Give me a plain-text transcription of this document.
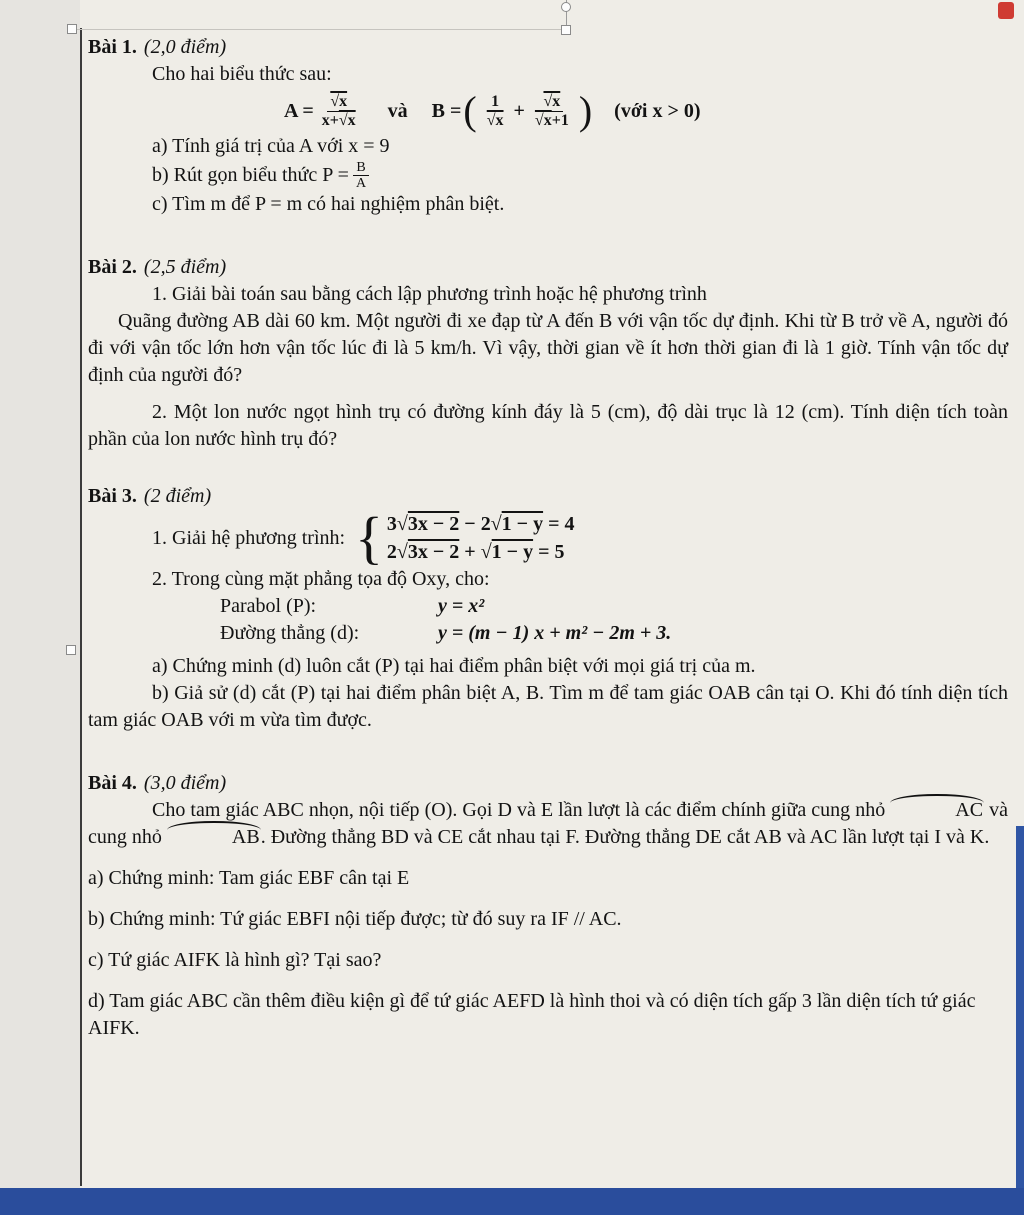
Bài 1. (2,0 điểm)
Cho hai biểu thức sau:
$A = \frac{√x}{x+√x}$ và B = ( $\frac{1}{√x} + \frac{√x}{√x+1}$ ) (với x > 0)
a) Tính giá trị của A với x = 9
b) Rút gọn biểu thức $P = \frac{B}{A}$
c) Tìm m để P = m có hai nghiệm phân biệt.
Bài 2. (2,5 điểm)
1. Giải bài toán sau bằng cách lập phương trình hoặc hệ phương trình
Quãng đường AB dài 60 km. Một người đi xe đạp từ A đến B với vận tốc dự định. Khi từ B trở về A, người đó đi với vận tốc lớn hơn vận tốc lúc đi là 5 km/h. Vì vậy, thời gian về ít hơn thời gian đi là 1 giờ. Tính vận tốc dự định của người đó?
2. Một lon nước ngọt hình trụ có đường kính đáy là 5 (cm), độ dài trục là 12 (cm). Tính diện tích toàn phần của lon nước hình trụ đó?
Bài 3. (2 điểm)
1. Giải hệ phương trình: { 3√3x − 2 − 2√1 − y = 4
2√3x − 2 + √1 − y = 5
2. Trong cùng mặt phẳng tọa độ Oxy, cho:
Parabol (P):	y = x²
Đường thẳng (d):	y = (m − 1) x + m² − 2m + 3.
a) Chứng minh (d) luôn cắt (P) tại hai điểm phân biệt với mọi giá trị của m.
b) Giả sử (d) cắt (P) tại hai điểm phân biệt A, B. Tìm m để tam giác OAB cân tại O. Khi đó tính diện tích tam giác OAB với m vừa tìm được.
Bài 4. (3,0 điểm)
Cho tam giác ABC nhọn, nội tiếp (O). Gọi D và E lần lượt là các điểm chính giữa cung nhỏ	AC và cung nhỏ	AB. Đường thẳng BD và CE cắt nhau tại F. Đường thẳng DE cắt AB và AC lần lượt tại I và K.
a) Chứng minh: Tam giác EBF cân tại E
b) Chứng minh: Tứ giác EBFI nội tiếp được; từ đó suy ra IF // AC.
c) Tứ giác AIFK là hình gì? Tại sao?
d) Tam giác ABC cần thêm điều kiện gì để tứ giác AEFD là hình thoi và có diện tích gấp 3 lần diện tích tứ giác AIFK.
